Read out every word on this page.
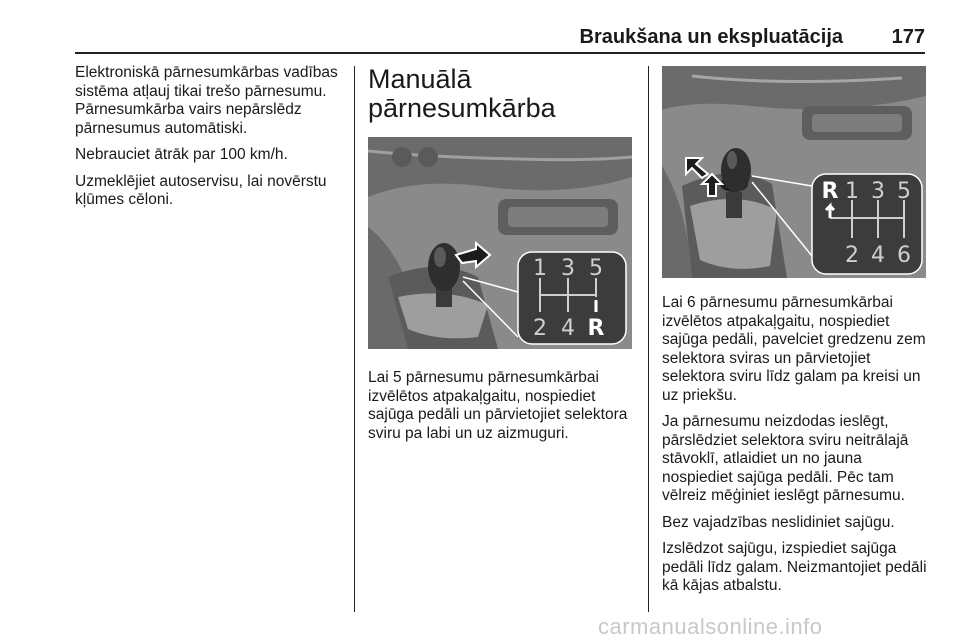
Braukšana un ekspluatācija 177

Elektroniskā pārnesumkārbas vadības sistēma atļauj tikai trešo pārnesumu. Pārnesumkārba vairs nepārslēdz pārnesumus automātiski.

Nebrauciet ātrāk par 100 km/h.

Uzmeklējiet autoservisu, lai novērstu kļūmes cēloni.

Manuālā
pārnesumkārba
1 3 5
2 4 R

Lai 5 pārnesumu pārnesumkārbai izvēlētos atpakaļgaitu, nospiediet sajūga pedāli un pārvietojiet selektora sviru pa labi un uz aizmuguri.

R 1 3 5
2 4 6

Lai 6 pārnesumu pārnesumkārbai izvēlētos atpakaļgaitu, nospiediet sajūga pedāli, pavelciet gredzenu zem selektora sviras un pārvietojiet selektora sviru līdz galam pa kreisi un uz priekšu.

Ja pārnesumu neizdodas ieslēgt, pārslēdziet selektora sviru neitrālajā stāvoklī, atlaidiet un no jauna nospiediet sajūga pedāli. Pēc tam vēlreiz mēģiniet ieslēgt pārnesumu.

Bez vajadzības neslidiniet sajūgu.

Izslēdzot sajūgu, izspiediet sajūga pedāli līdz galam. Neizmantojiet pedāli kā kājas atbalstu.

carmanualsonline.info
